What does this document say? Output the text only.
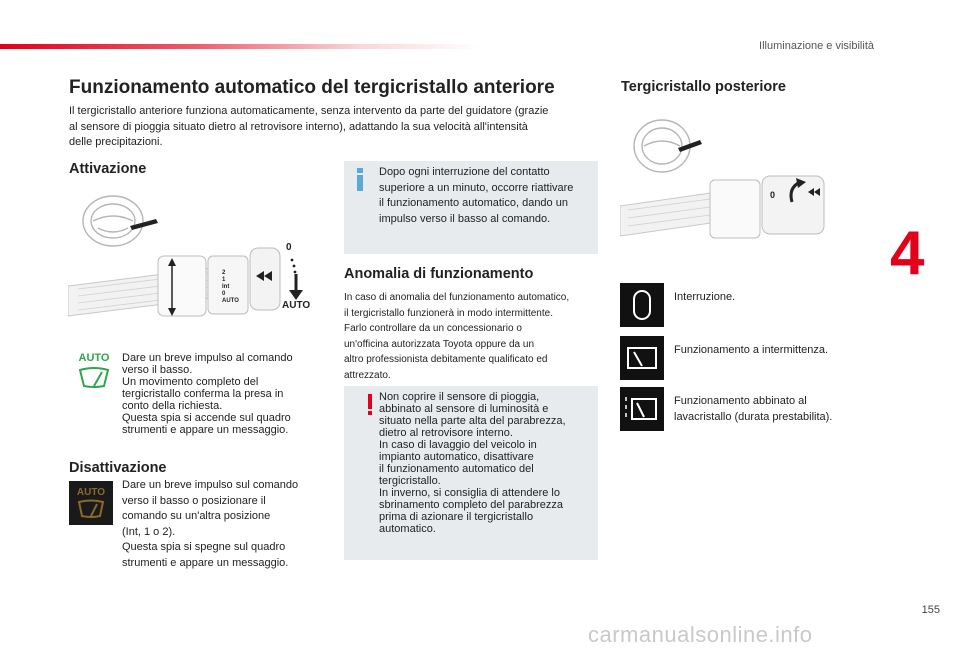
Illuminazione e visibilità
4
Funzionamento automatico del tergicristallo anteriore
Il tergicristallo anteriore funziona automaticamente, senza intervento da parte del guidatore (grazie
al sensore di pioggia situato dietro al retrovisore interno), adattando la sua velocità all'intensità
delle precipitazioni.
Attivazione
0
AUTO
2
1
Int
0
AUTO
AUTO Dare un breve impulso al comando
verso il basso.
Un movimento completo del
tergicristallo conferma la presa in
conto della richiesta.
Questa spia si accende sul quadro
strumenti e appare un messaggio.
Disattivazione
AUTO
Dare un breve impulso sul comando
verso il basso o posizionare il
comando su un'altra posizione
(Int, 1 o 2).
Questa spia si spegne sul quadro
strumenti e appare un messaggio.
Dopo ogni interruzione del contatto
superiore a un minuto, occorre riattivare
il funzionamento automatico, dando un
impulso verso il basso al comando.
Anomalia di funzionamento
In caso di anomalia del funzionamento automatico,
il tergicristallo funzionerà in modo intermittente.
Farlo controllare da un concessionario o
un'officina autorizzata Toyota oppure da un
altro professionista debitamente qualificato ed
attrezzato.
Non coprire il sensore di pioggia,
abbinato al sensore di luminosità e
situato nella parte alta del parabrezza,
dietro al retrovisore interno.
In caso di lavaggio del veicolo in
impianto automatico, disattivare
il funzionamento automatico del
tergicristallo.
In inverno, si consiglia di attendere lo
sbrinamento completo del parabrezza
prima di azionare il tergicristallo
automatico.
Tergicristallo posteriore
0
Interruzione.
Funzionamento a intermittenza.
Funzionamento abbinato al
lavacristallo (durata prestabilita).
155
carmanualsonline.info
